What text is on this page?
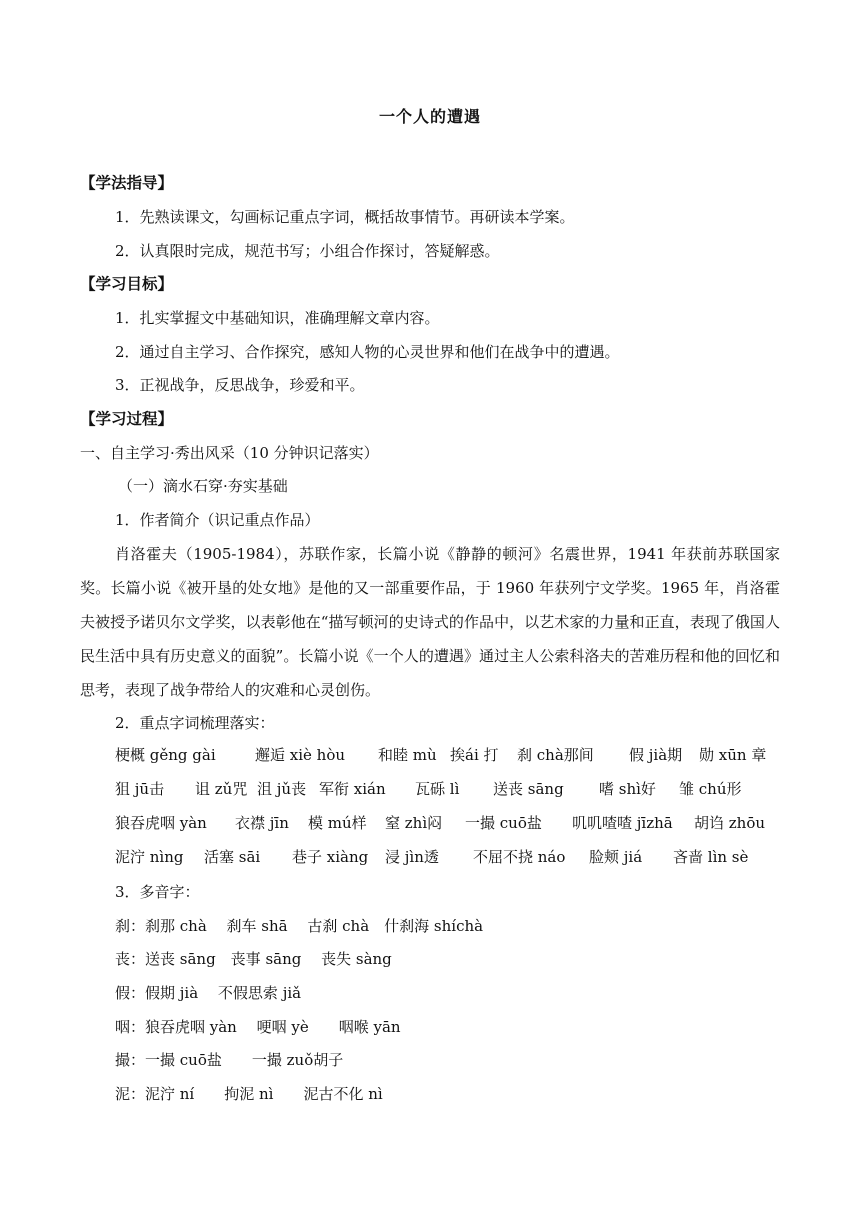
一个人的遭遇
【学法指导】
1．先熟读课文，勾画标记重点字词，概括故事情节。再研读本学案。
2．认真限时完成，规范书写；小组合作探讨，答疑解惑。
【学习目标】
1．扎实掌握文中基础知识，准确理解文章内容。
2．通过自主学习、合作探究，感知人物的心灵世界和他们在战争中的遭遇。
3．正视战争，反思战争，珍爱和平。
【学习过程】
一、自主学习·秀出风采（10 分钟识记落实）
（一）滴水石穿·夯实基础
1．作者简介（识记重点作品）
肖洛霍夫（1905-1984），苏联作家，长篇小说《静静的顿河》名震世界，1941 年获前苏联国家奖。长篇小说《被开垦的处女地》是他的又一部重要作品，于 1960 年获列宁文学奖。1965 年，肖洛霍夫被授予诺贝尔文学奖，以表彰他在“描写顿河的史诗式的作品中，以艺术家的力量和正直，表现了俄国人民生活中具有历史意义的面貌”。长篇小说《一个人的遭遇》通过主人公索科洛夫的苦难历程和他的回忆和思考，表现了战争带给人的灾难和心灵创伤。
2．重点字词梳理落实：
梗概 gěng gài	邂逅 xiè hòu	和睦 mù 挨ái 打	刹 chà那间	假 jià期	勋 xūn 章
狙 jū击	诅 zǔ咒 沮 jǔ丧 军衔 xián	瓦砾 lì	送丧 sāng	嗜 shì好	雏 chú形
狼吞虎咽 yàn	衣襟 jīn	模 mú样	窒 zhì闷	一撮 cuō盐	叽叽喳喳 jīzhā	胡诌 zhōu
泥泞 nìng	活塞 sāi	巷子 xiàng	浸 jìn透	不屈不挠 náo	脸颊 jiá	吝啬 lìn sè
3．多音字：
刹：刹那 chà　 刹车 shā　 古刹 chà　什刹海 shíchà
丧：送丧 sāng　丧事 sāng　 丧失 sàng
假：假期 jià　 不假思索 jiǎ
咽：狼吞虎咽 yàn　 哽咽 yè　　咽喉 yān
撮：一撮 cuō盐　　一撮 zuǒ胡子
泥：泥泞 ní　　拘泥 nì　　泥古不化 nì
